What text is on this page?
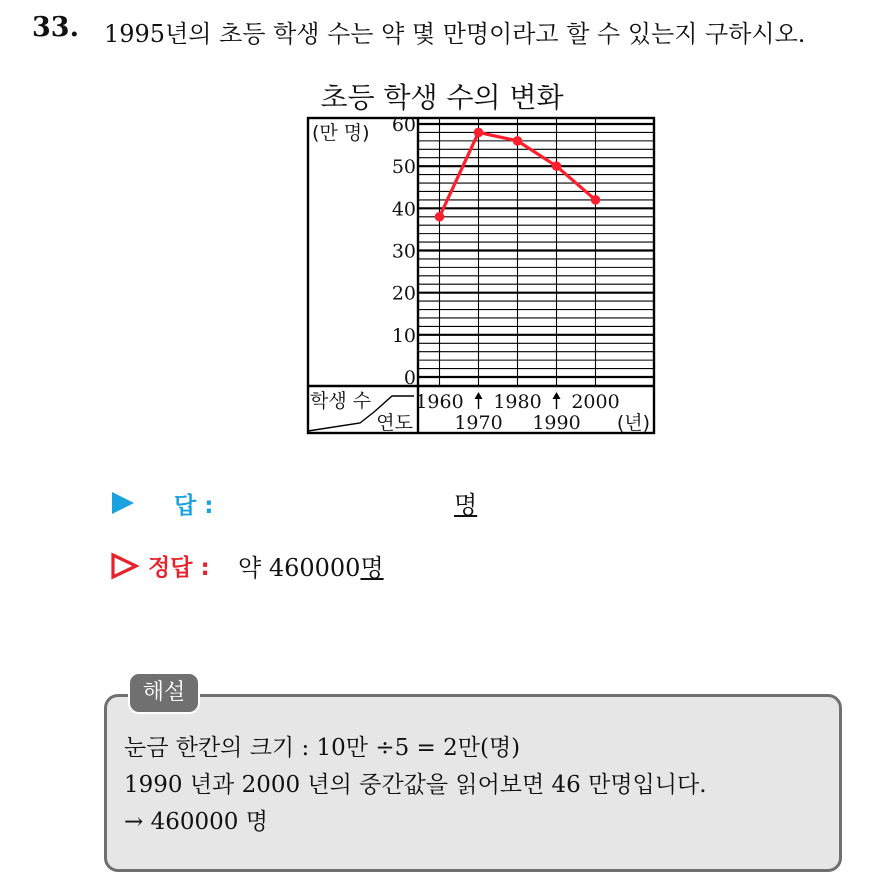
33. 1995년의 초등 학생 수는 약 몇 만명이라고 할 수 있는지 구하시오.
초등 학생 수의 변화
(만 명)
0
10
20
30
40
50
60
학생 수
연도
1960 1980 2000
1970 1990 (년)
답 :	명
정답 : 약 460000명
해설
눈금 한칸의 크기 : 10만 ÷5 = 2만(명)
1990 년과 2000 년의 중간값을 읽어보면 46 만명입니다.
→ 460000 명
